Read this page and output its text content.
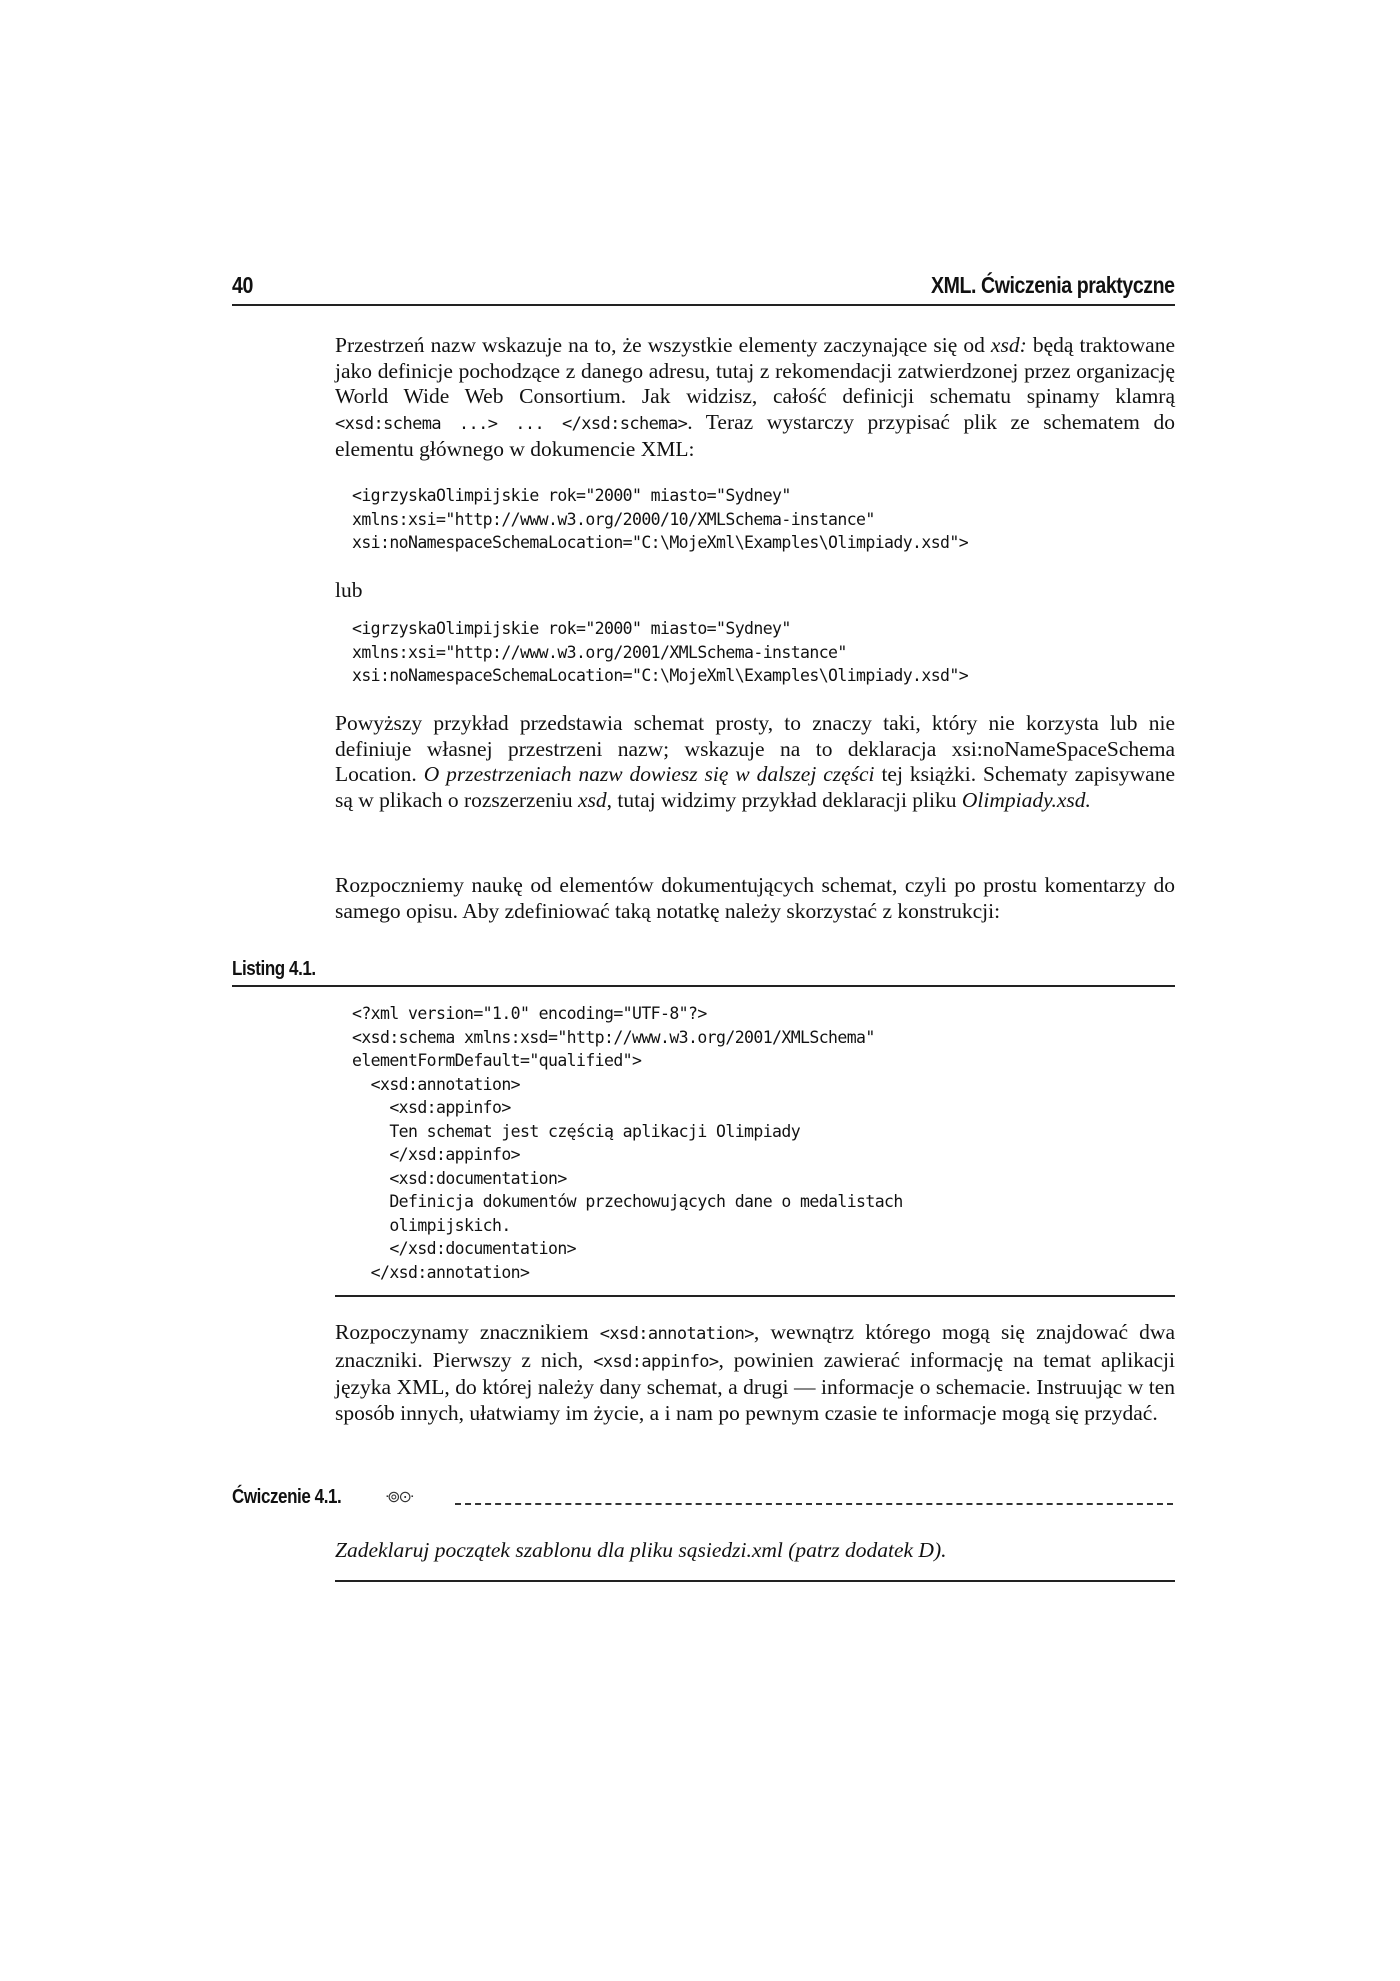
40	XML. Ćwiczenia praktyczne
Przestrzeń nazw wskazuje na to, że wszystkie elementy zaczynające się od xsd: będą traktowane jako definicje pochodzące z danego adresu, tutaj z rekomendacji zatwierdzonej przez organizację World Wide Web Consortium. Jak widzisz, całość definicji schematu spinamy klamrą <xsd:schema ...> ... </xsd:schema>. Teraz wystarczy przypisać plik ze schematem do elementu głównego w dokumencie XML:
<igrzyskaOlimpijskie rok="2000" miasto="Sydney"
xmlns:xsi="http://www.w3.org/2000/10/XMLSchema-instance"
xsi:noNamespaceSchemaLocation="C:\MojeXml\Examples\Olimpiady.xsd">
lub
<igrzyskaOlimpijskie rok="2000" miasto="Sydney"
xmlns:xsi="http://www.w3.org/2001/XMLSchema-instance"
xsi:noNamespaceSchemaLocation="C:\MojeXml\Examples\Olimpiady.xsd">
Powyższy przykład przedstawia schemat prosty, to znaczy taki, który nie korzysta lub nie definiuje własnej przestrzeni nazw; wskazuje na to deklaracja xsi:noNameSpaceSchema Location. O przestrzeniach nazw dowiesz się w dalszej części tej książki. Schematy zapisywane są w plikach o rozszerzeniu xsd, tutaj widzimy przykład deklaracji pliku Olimpiady.xsd.
Rozpoczniemy naukę od elementów dokumentujących schemat, czyli po prostu komentarzy do samego opisu. Aby zdefiniować taką notatkę należy skorzystać z konstrukcji:
Listing 4.1.
<?xml version="1.0" encoding="UTF-8"?>
<xsd:schema xmlns:xsd="http://www.w3.org/2001/XMLSchema"
elementFormDefault="qualified">
<xsd:annotation>
<xsd:appinfo>
Ten schemat jest częścią aplikacji Olimpiady
</xsd:appinfo>
<xsd:documentation>
Definicja dokumentów przechowujących dane o medalistach
olimpijskich.
</xsd:documentation>
</xsd:annotation>
Rozpoczynamy znacznikiem <xsd:annotation>, wewnątrz którego mogą się znajdować dwa znaczniki. Pierwszy z nich, <xsd:appinfo>, powinien zawierać informację na temat aplikacji języka XML, do której należy dany schemat, a drugi — informacje o schemacie. Instruując w ten sposób innych, ułatwiamy im życie, a i nam po pewnym czasie te informacje mogą się przydać.
Ćwiczenie 4.1.	ᐧ⊚⊙ᐧ
Zadeklaruj początek szablonu dla pliku sąsiedzi.xml (patrz dodatek D).
